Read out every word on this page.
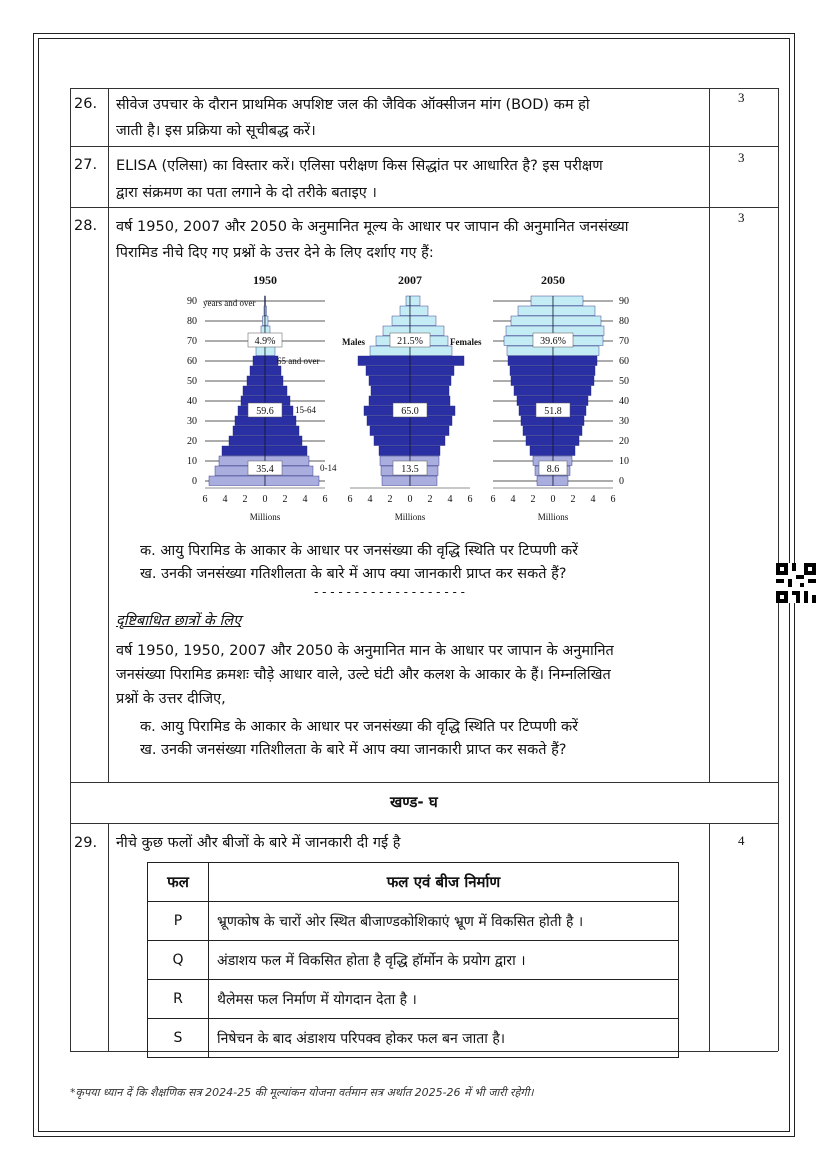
26. सीवेज उपचार के दौरान प्राथमिक अपशिष्ट जल की जैविक ऑक्सीजन मांग (BOD) कम हो
जाती है। इस प्रक्रिया को सूचीबद्ध करें।
3
27. ELISA (एलिसा) का विस्तार करें। एलिसा परीक्षण किस सिद्धांत पर आधारित है? इस परीक्षण
द्वारा संक्रमण का पता लगाने के दो तरीके बताइए ।
3
28. वर्ष 1950, 2007 और 2050 के अनुमानित मूल्य के आधार पर जापान की अनुमानित जनसंख्या
पिरामिड नीचे दिए गए प्रश्नों के उत्तर देने के लिए दर्शाए गए हैं:
3
1950
35.4
59.6
4.9%
6 4 2 0 2 4 6
Millions
2007
13.5
65.0
21.5%
6 4 2 0 2 4 6
Millions
2050
8.6
51.8
39.6%
6 4 2 0 2 4 6
Millions
0
10
20
30
40
50
60
70
80
90
0
10
20
30
40
50
60
70
80
90
years and over
65 and over
15-64
0-14
Males	Females
क. आयु पिरामिड के आकार के आधार पर जनसंख्या की वृद्धि स्थिति पर टिप्पणी करें
ख. उनकी जनसंख्या गतिशीलता के बारे में आप क्या जानकारी प्राप्त कर सकते हैं?
- - - - - - - - - - - - - - - - - - -
दृष्टिबाधित छात्रों के लिए
वर्ष 1950, 1950, 2007 और 2050 के अनुमानित मान के आधार पर जापान के अनुमानित
जनसंख्या पिरामिड क्रमशः चौड़े आधार वाले, उल्टे घंटी और कलश के आकार के हैं। निम्नलिखित
प्रश्नों के उत्तर दीजिए,
क. आयु पिरामिड के आकार के आधार पर जनसंख्या की वृद्धि स्थिति पर टिप्पणी करें
ख. उनकी जनसंख्या गतिशीलता के बारे में आप क्या जानकारी प्राप्त कर सकते हैं?
खण्ड- घ
29. नीचे कुछ फलों और बीजों के बारे में जानकारी दी गई है	4
फल	फल एवं बीज निर्माण
P	भ्रूणकोष के चारों ओर स्थित बीजाण्डकोशिकाएं भ्रूण में विकसित होती है ।
Q	अंडाशय फल में विकसित होता है वृद्धि हॉर्मोन के प्रयोग द्वारा ।
R	थैलेमस फल निर्माण में योगदान देता है ।
S	निषेचन के बाद अंडाशय परिपक्व होकर फल बन जाता है।
*कृपया ध्यान दें कि शैक्षणिक सत्र 2024-25 की मूल्यांकन योजना वर्तमान सत्र अर्थात 2025-26 में भी जारी रहेगी।
